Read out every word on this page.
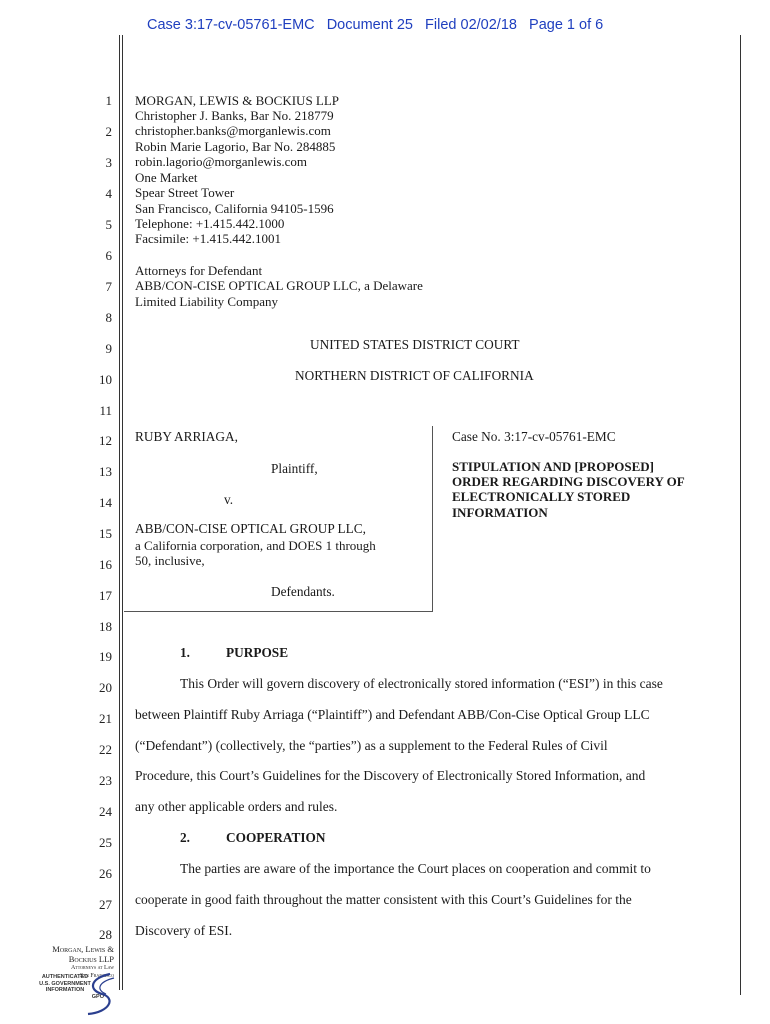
Case 3:17-cv-05761-EMC   Document 25   Filed 02/02/18   Page 1 of 6
1
2
3
4
5
6
7
8
9
10
11
12
13
14
15
16
17
18
19
20
21
22
23
24
25
26
27
28
MORGAN, LEWIS & BOCKIUS LLP
Christopher J. Banks, Bar No. 218779
christopher.banks@morganlewis.com
Robin Marie Lagorio, Bar No. 284885
robin.lagorio@morganlewis.com
One Market
Spear Street Tower
San Francisco, California 94105-1596
Telephone: +1.415.442.1000
Facsimile: +1.415.442.1001
Attorneys for Defendant
ABB/CON-CISE OPTICAL GROUP LLC, a Delaware
Limited Liability Company
UNITED STATES DISTRICT COURT
NORTHERN DISTRICT OF CALIFORNIA
RUBY ARRIAGA,
Plaintiff,
v.
ABB/CON-CISE OPTICAL GROUP LLC,
a California corporation, and DOES 1 through
50, inclusive,
Defendants.
Case No. 3:17-cv-05761-EMC
STIPULATION AND [PROPOSED]
ORDER REGARDING DISCOVERY OF
ELECTRONICALLY STORED
INFORMATION
1.	PURPOSE
This Order will govern discovery of electronically stored information (“ESI”) in this case
between Plaintiff Ruby Arriaga (“Plaintiff”) and Defendant ABB/Con-Cise Optical Group LLC
(“Defendant”) (collectively, the “parties”) as a supplement to the Federal Rules of Civil
Procedure, this Court’s Guidelines for the Discovery of Electronically Stored Information, and
any other applicable orders and rules.
2.	COOPERATION
The parties are aware of the importance the Court places on cooperation and commit to
cooperate in good faith throughout the matter consistent with this Court’s Guidelines for the
Discovery of ESI.
Morgan, Lewis &
Bockius LLP
Attorneys at Law
San Francisco
AUTHENTICATED
U.S. GOVERNMENT
INFORMATION
GPO
